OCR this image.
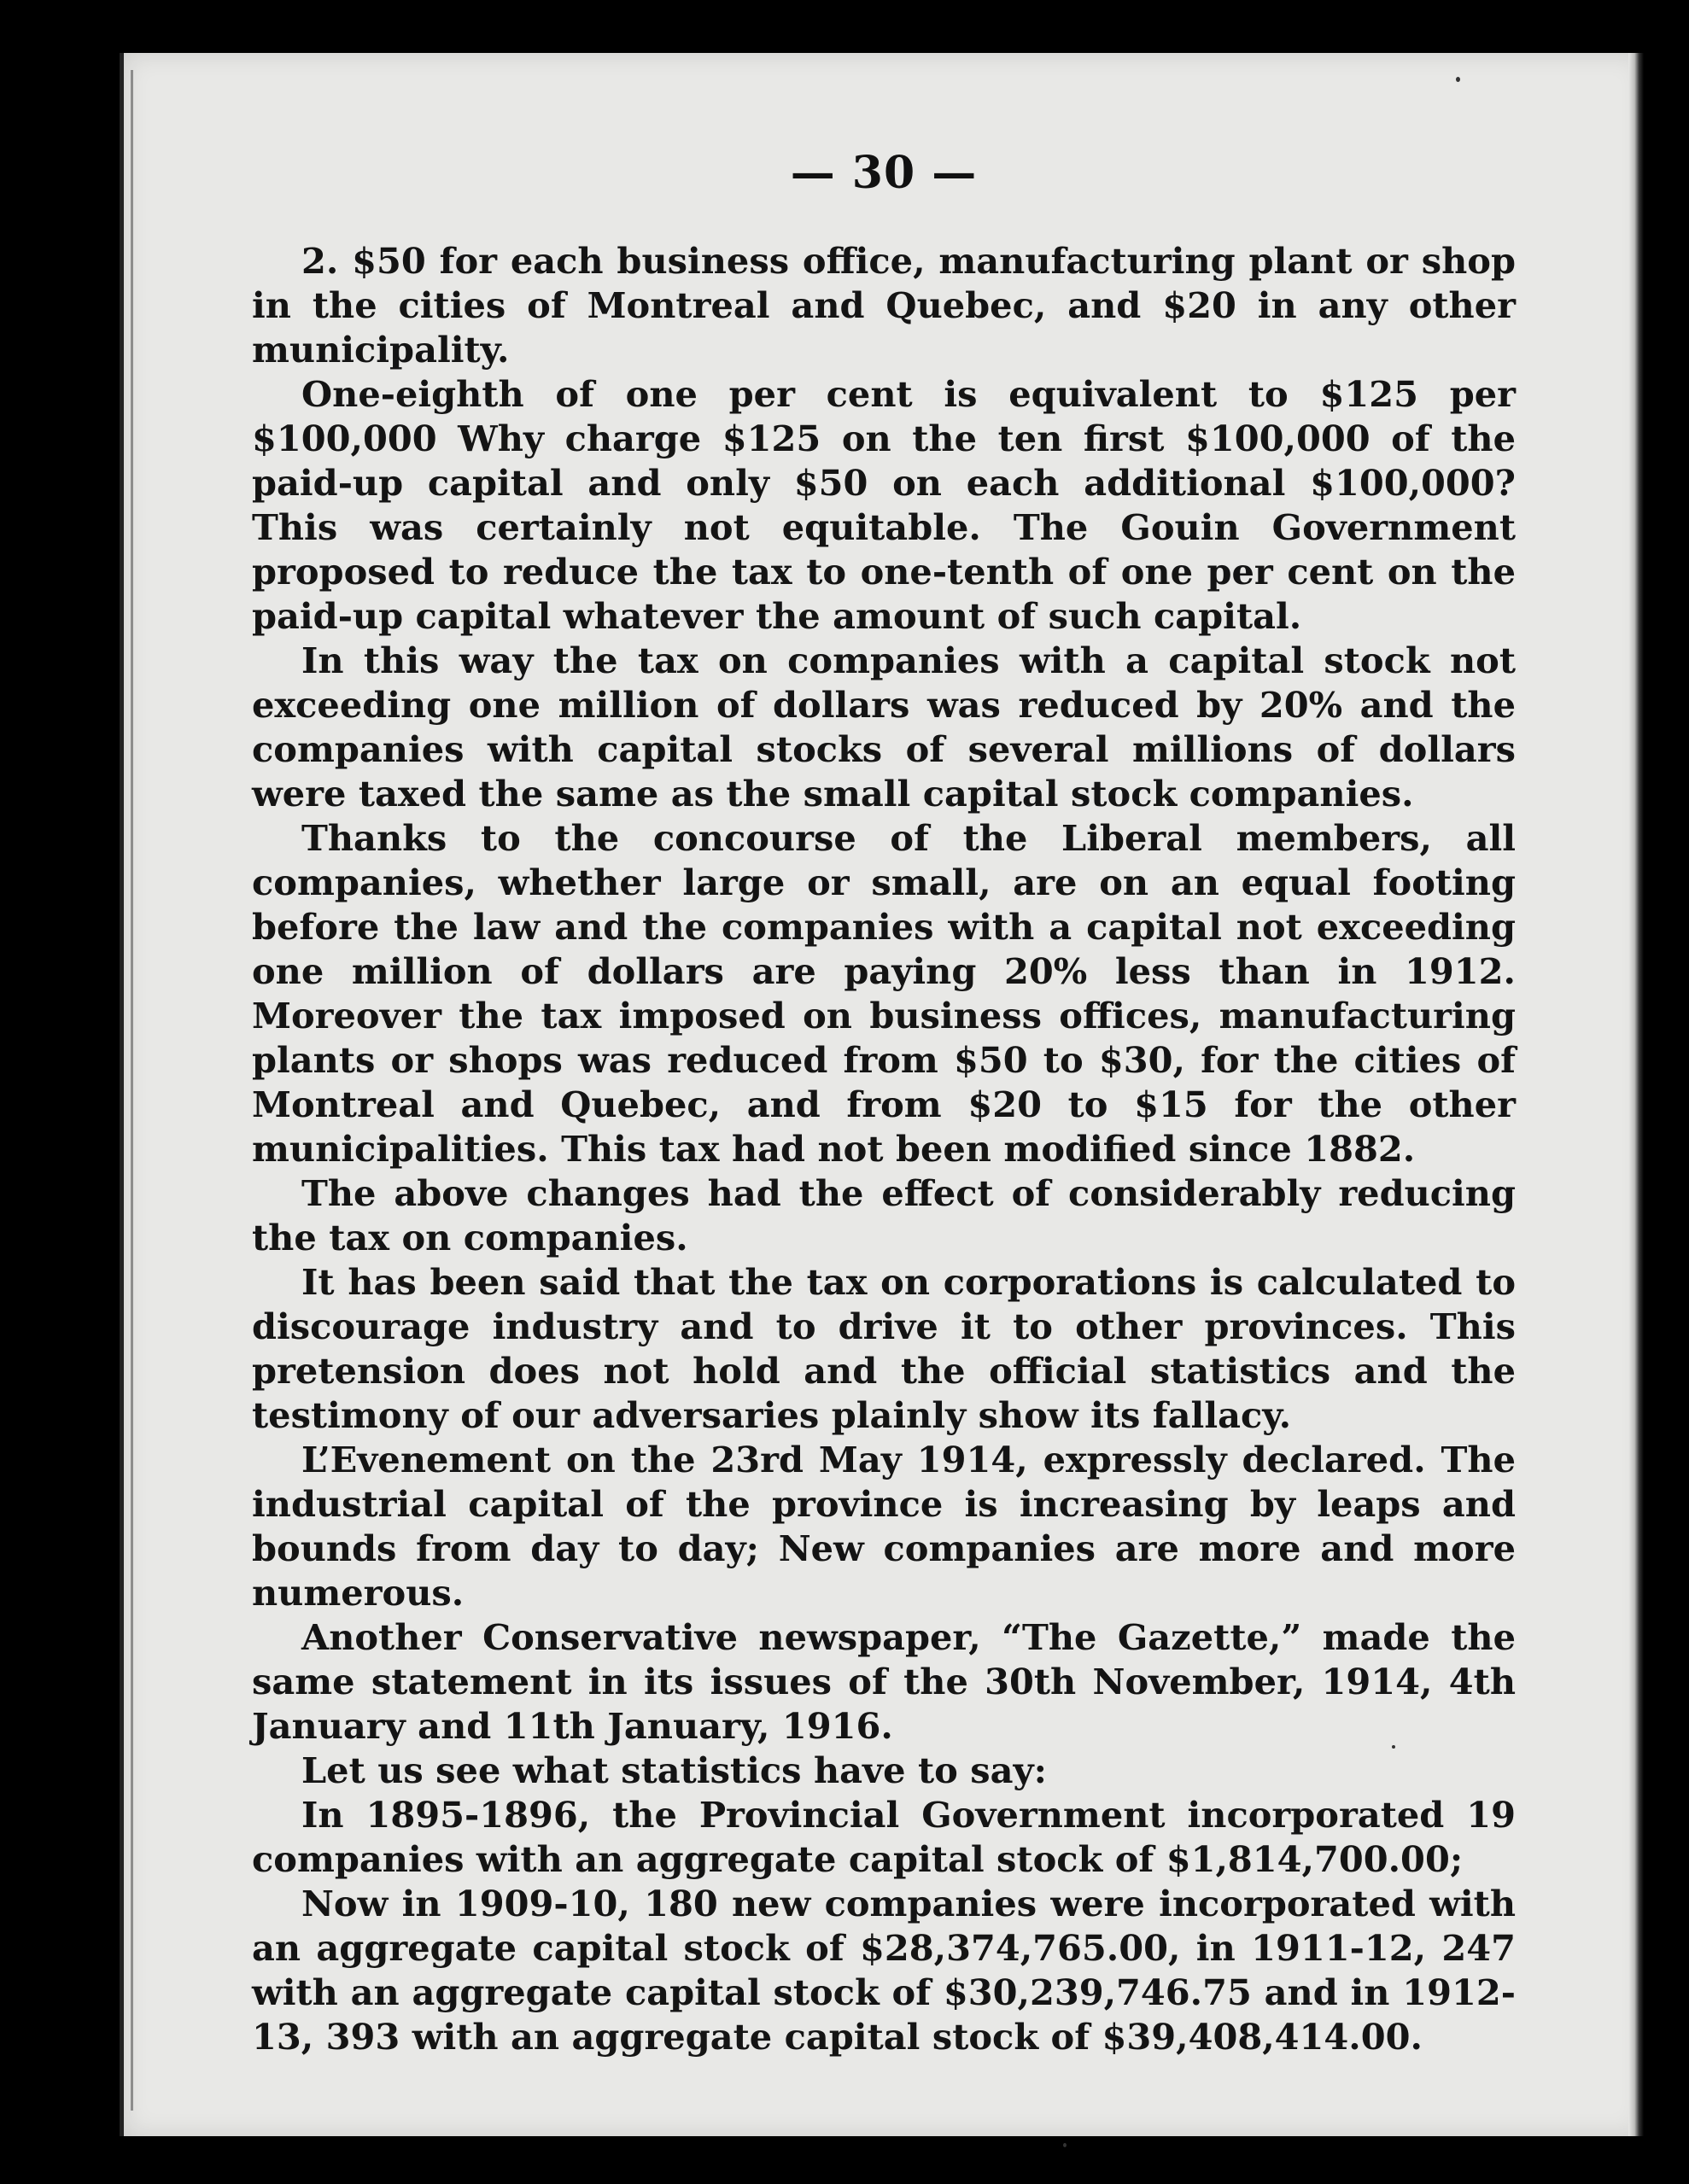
— 30 —

2. $50 for each business office, manufacturing plant or shop in the cities of Montreal and Quebec, and $20 in any other municipality.

One-eighth of one per cent is equivalent to $125 per $100,000 Why charge $125 on the ten first $100,000 of the paid-up capital and only $50 on each additional $100,000? This was certainly not equitable. The Gouin Government proposed to reduce the tax to one-tenth of one per cent on the paid-up capital whatever the amount of such capital.

In this way the tax on companies with a capital stock not exceeding one million of dollars was reduced by 20% and the companies with capital stocks of several millions of dollars were taxed the same as the small capital stock companies.

Thanks to the concourse of the Liberal members, all companies, whether large or small, are on an equal footing before the law and the companies with a capital not exceeding one million of dollars are paying 20% less than in 1912. Moreover the tax imposed on business offices, manufacturing plants or shops was reduced from $50 to $30, for the cities of Montreal and Quebec, and from $20 to $15 for the other municipalities. This tax had not been modified since 1882.

The above changes had the effect of considerably reducing the tax on companies.

It has been said that the tax on corporations is calculated to discourage industry and to drive it to other provinces. This pretension does not hold and the official statistics and the testimony of our adversaries plainly show its fallacy.

L’Evenement on the 23rd May 1914, expressly declared. The industrial capital of the province is increasing by leaps and bounds from day to day; New companies are more and more numerous.

Another Conservative newspaper, “The Gazette,” made the same statement in its issues of the 30th November, 1914, 4th January and 11th January, 1916.

Let us see what statistics have to say:

In 1895-1896, the Provincial Government incorporated 19 companies with an aggregate capital stock of $1,814,700.00;

Now in 1909-10, 180 new companies were incorporated with an aggregate capital stock of $28,374,765.00, in 1911-12, 247 with an aggregate capital stock of $30,239,746.75 and in 1912-13, 393 with an aggregate capital stock of $39,408,414.00.
